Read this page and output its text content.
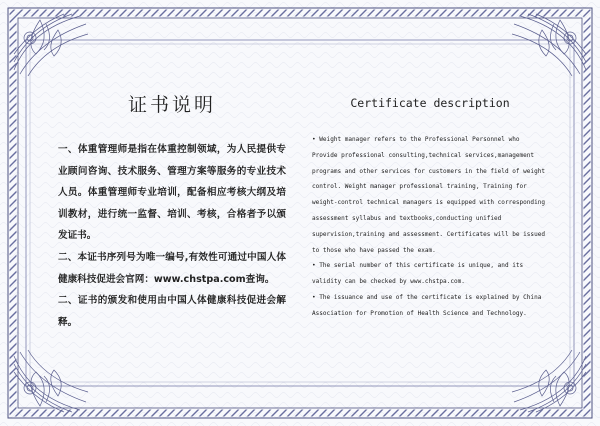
证书说明

一、体重管理师是指在体重控制领域，为人民提供专业顾问咨询、技术服务、管理方案等服务的专业技术人员。体重管理师专业培训，配备相应考核大纲及培训教材，进行统一监督、培训、考核，合格者予以颁发证书。

二、本证书序列号为唯一编号,有效性可通过中国人体健康科技促进会官网：www.chstpa.com查询。

二、证书的颁发和使用由中国人体健康科技促进会解释。

Certificate description

• Weight manager refers to the Professional Personnel who Provide professional consulting,technical services,management programs and other services for customers in the field of weight control. Weight manager professional training, Training for weight-control technical managers is equipped with corresponding assessment syllabus and textbooks,conducting unified supervision,training and assessment. Certificates will be issued to those who have passed the exam.

• The serial number of this certificate is unique, and its validity can be checked by www.chstpa.com.

• The issuance and use of the certificate is explained by China Association for Promotion of Health Science and Technology.
